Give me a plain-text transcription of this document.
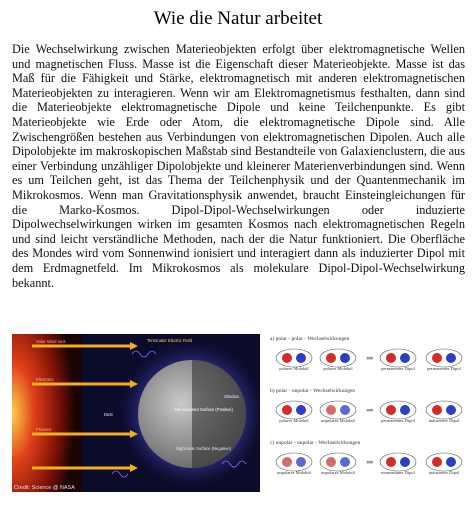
Wie die Natur arbeitet

Die Wechselwirkung zwischen Materieobjekten erfolgt über elektromagnetische Wellen und magnetischen Fluss. Masse ist die Eigenschaft dieser Materieobjekte. Masse ist das Maß für die Fähigkeit und Stärke, elektromagnetisch mit anderen elektromagnetischen Materieobjekten zu interagieren. Wenn wir am Elektromagnetismus festhalten, dann sind die Materieobjekte elektromagnetische Dipole und keine Teilchenpunkte. Es gibt Materieobjekte wie Erde oder Atom, die elektromagnetische Dipole sind. Alle Zwischengrößen bestehen aus Verbindungen von elektromagnetischen Dipolen. Auch alle Dipolobjekte im makroskopischen Maßstab sind Bestandteile von Galaxienclustern, die aus einer Verbindung unzähliger Dipolobjekte und kleinerer Materienverbindungen sind. Wenn es um Teilchen geht, ist das Thema der Teilchenphysik und der Quantenmechanik im Mikrokosmos. Wenn man Gravitationsphysik anwendet, braucht Einsteingleichungen für die Marko-Kosmos. Dipol-Dipol-Wechselwirkungen oder induzierte Dipolwechselwirkungen wirken im gesamten Kosmos nach elektromagnetischen Regeln und sind leicht verständliche Methoden, nach der die Natur funktioniert. Die Oberfläche des Mondes wird vom Sonnenwind ionisiert und interagiert dann als induzierter Dipol mit dem Erdmagnetfeld. Im Mikrokosmos als molekulare Dipol-Dipol-Wechselwirkung bekannt.

Solar Wind Ions
Electrons
Photons
Terminator Electric Field
Shadow
Dust
Sun-exposed Surface (Positive)
Night-side Surface (Negative)
Credit: Science @ NASA
a) polar - polar - Wechselwirkungen
⇒
polares Molekül	polares Molekül	permanenter Dipol	permanenter Dipol
b) polar - unpolar - Wechselwirkungen
⇒
polares Molekül	unpolares Molekül	permanenter Dipol	induzierter Dipol
c) unpolar - unpolar - Wechselwirkungen
⇒
unpolares Molekül unpolares Molekül	momentaner Dipol	induzierter Dipol
